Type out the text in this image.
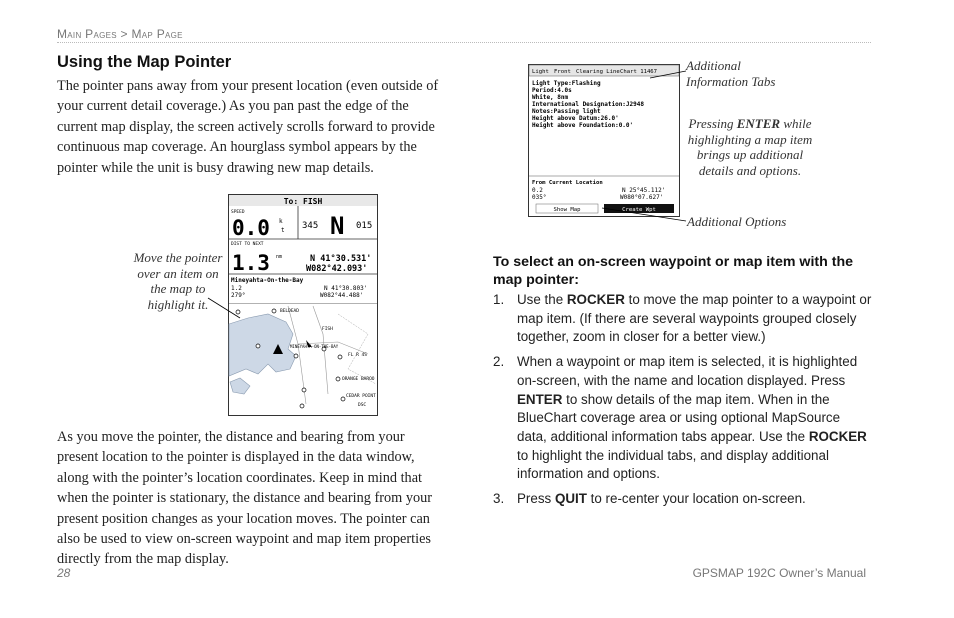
Main Pages > Map Page
Using the Map Pointer
The pointer pans away from your present location (even outside of your current detail coverage.) As you pan past the edge of the current map display, the screen actively scrolls forward to provide continuous map coverage. An hourglass symbol appears by the pointer while the unit is busy drawing new map details.
Move the pointer over an item on the map to highlight it.
To: FISH
SPEED
0.0 k
t 345 N 015
DIST TO NEXT
1.3 nm	N 41°30.531'
W082°42.093'
Mineyahta-On-the-Bay
1.2
279°
N 41°30.803'
W082°44.488'
BELDEAD
FISH
MINEYAHTA-ON-THE-BAY
FL R 4S
ORANGE BAROO
CEDAR POINT
DSC
As you move the pointer, the distance and bearing from your present location to the pointer is displayed in the data window, along with the pointer’s location coordinates. Keep in mind that when the pointer is stationary, the distance and bearing from your present position changes as your location moves. The pointer can also be used to view on-screen waypoint and map item properties directly from the map display.
Light Front Clearing Line Chart 11467
Light Type:Flashing
Period:4.0s
White, 8nm
International Designation:J2948
Notes:Passing light
Height above Datum:26.0'
Height above Foundation:0.0'
From Current Location
0.2
035°
N 25°45.112'
W080°07.627'
Show Map	Create Wpt
Additional Information Tabs
Pressing ENTER while highlighting a map item brings up additional details and options.
Additional Options
To select an on-screen waypoint or map item with the map pointer:
1. Use the ROCKER to move the map pointer to a waypoint or map item. (If there are several waypoints grouped closely together, zoom in closer for a better view.)
2. When a waypoint or map item is selected, it is highlighted on-screen, with the name and location displayed. Press ENTER to show details of the map item. When in the BlueChart coverage area or using optional MapSource data, additional information tabs appear. Use the ROCKER to highlight the individual tabs, and display additional information and options.
3. Press QUIT to re-center your location on-screen.
28	GPSMAP 192C Owner’s Manual
